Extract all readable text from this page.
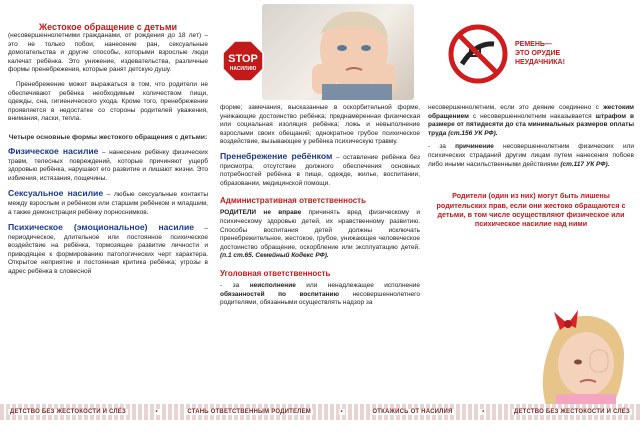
Жестокое обращение с детьми

(несовершеннолетними гражданами, от рождения до 18 лет) – это не только побои, нанесение ран, сексуальные домогательства и другие способы, которыми взрослые люди калечат ребёнка. Это унижение, издевательства, различные формы пренебрежения, которые ранят детскую душу.

Пренебрежение может выражаться в том, что родители не обеспечивают ребёнка необходимым количеством пищи, одежды, сна, гигиенического ухода. Кроме того, пренебрежение проявляется в недостатке со стороны родителей уважения, внимания, ласки, тепла.

Четыре основные формы жестокого обращения с детьми:

Физическое насилие – нанесение ребёнку физических травм, телесных повреждений, которые причиняют ущерб здоровью ребёнка, нарушают его развитие и лишают жизни. Это избиения, истязания, пощечины.

Сексуальное насилие – любые сексуальные контакты между взрослым и ребёнком или старшим ребёнком и младшим, а также демонстрация ребёнку порноснимков.

Психическое (эмоциональное) насилие – периодическое, длительное или постоянное психическое воздействие на ребёнка, тормозящее развитие личности и приводящее к формированию патологических черт характера. Открытое неприятие и постоянная критика ребёнка; угрозы в адрес ребёнка в словесной

STOP
НАСИЛИЮ

форме; замечания, высказанные в оскорбительной форме, унижающие достоинство ребёнка; преднамеренная физическая или социальная изоляция ребёнка; ложь и невыполнение взрослыми своих обещаний; однократное грубое психическое воздействие, вызывающее у ребёнка психическую травму.

Пренебрежение ребёнком – оставление ребёнка без присмотра, отсутствие должного обеспечения основных потребностей ребёнка в пище, одежде, жилье, воспитании, образовании, медицинской помощи.

Административная ответственность

РОДИТЕЛИ не вправе причинять вред физическому и психическому здоровью детей, их нравственному развитию. Способы воспитания детей должны исключать пренебрежительное, жестокое, грубое, унижающее человеческое достоинство обращение, оскорбление или эксплуатацию детей. (п.1 ст.65. Семейный Кодекс РФ).

Уголовная ответственность

- за неисполнение или ненадлежащее исполнение обязанностей по воспитанию несовершеннолетнего родителями, обязанными осуществлять надзор за

РЕМЕНЬ—
ЭТО ОРУДИЕ НЕУДАЧНИКА!

несовершеннолетним, если это деяние соединено с жестоким обращением с несовершеннолетним наказывается штрафом в размере от пятидесяти до ста минимальных размеров оплаты труда (ст.156 УК РФ).

- за причинение несовершеннолетним физических или психических страданий другим лицам путем нанесения побоев либо иными насильственными действиями (ст.117 УК РФ).

Родители (один из них) могут быть лишены родительских прав, если они жестоко обращаются с детьми, в том числе осуществляют физическое или психическое насилие над ними

ДЕТСТВО БЕЗ ЖЕСТОКОСТИ И СЛЁЗ	•	СТАНЬ ОТВЕТСТВЕННЫМ РОДИТЕЛЕМ	•	ОТКАЖИСЬ ОТ НАСИЛИЯ	•	ДЕТСТВО БЕЗ ЖЕСТОКОСТИ И СЛЁЗ
